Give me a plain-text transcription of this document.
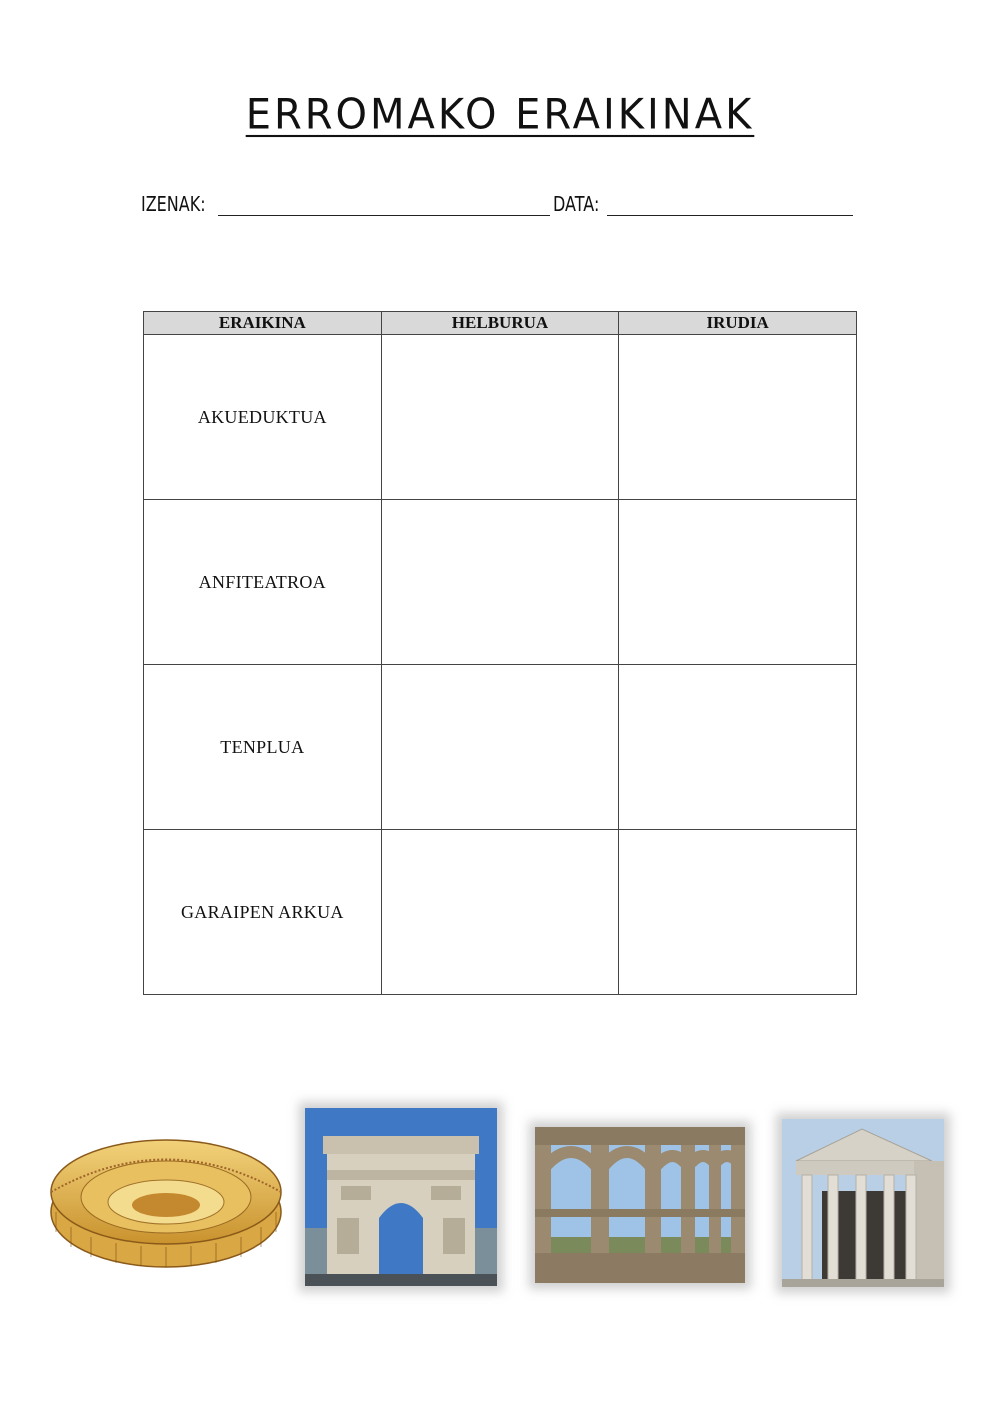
ERROMAKO ERAIKINAK
IZENAK:	DATA:
ERAIKINA	HELBURUA	IRUDIA
AKUEDUKTUA		
ANFITEATROA		
TENPLUA		
GARAIPEN ARKUA		
